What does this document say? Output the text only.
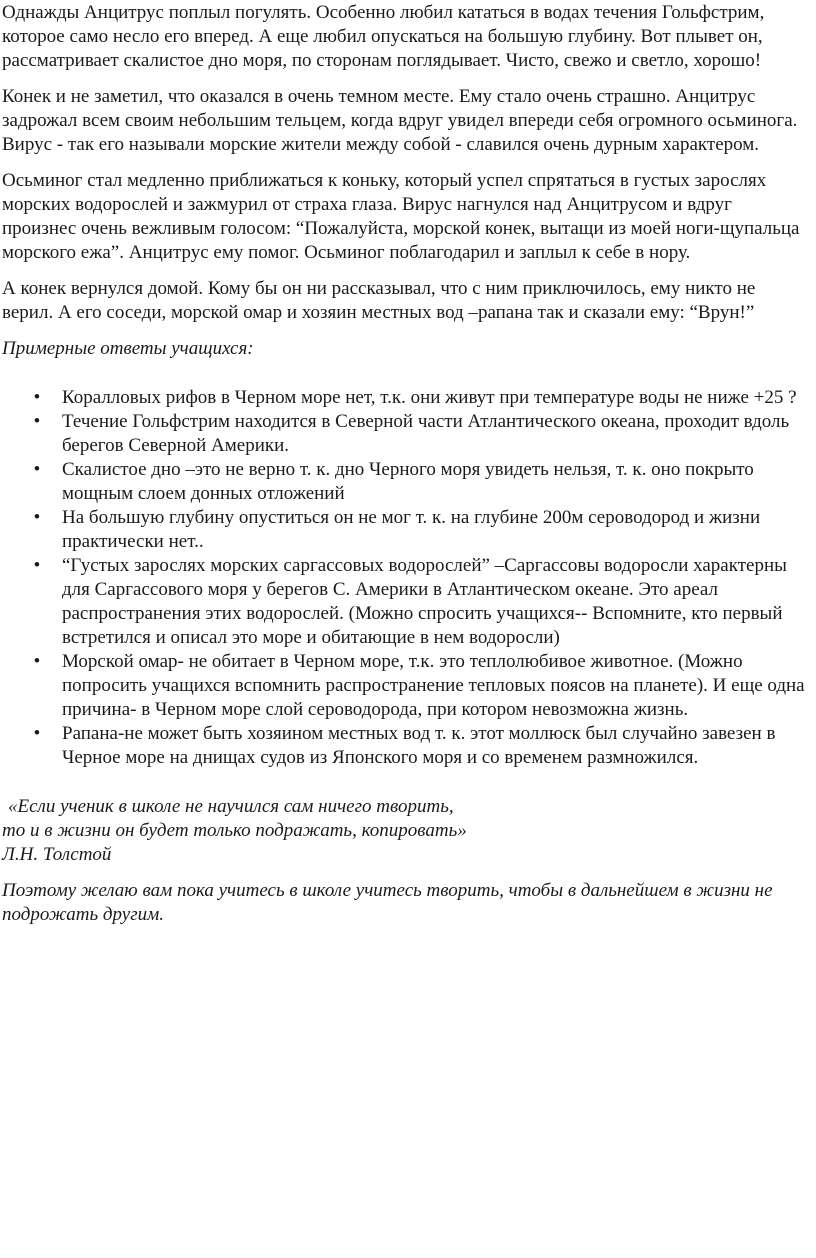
Однажды Анцитрус поплыл погулять. Особенно любил кататься в водах течения Гольфстрим, которое само несло его вперед. А еще любил опускаться на большую глубину. Вот плывет он, рассматривает скалистое дно моря, по сторонам поглядывает. Чисто, свежо и светло, хорошо!

Конек и не заметил, что оказался в очень темном месте. Ему стало очень страшно. Анцитрус задрожал всем своим небольшим тельцем, когда вдруг увидел впереди себя огромного осьминога. Вирус - так его называли морские жители между собой - славился очень дурным характером.

Осьминог стал медленно приближаться к коньку, который успел спрятаться в густых зарослях морских водорослей и зажмурил от страха глаза. Вирус нагнулся над Анцитрусом и вдруг произнес очень вежливым голосом: “Пожалуйста, морской конек, вытащи из моей ноги-щупальца морского ежа”. Анцитрус ему помог. Осьминог поблагодарил и заплыл к себе в нору.

А конек вернулся домой. Кому бы он ни рассказывал, что с ним приключилось, ему никто не верил. А его соседи, морской омар и хозяин местных вод –рапана так и сказали ему: “Врун!”

Примерные ответы учащихся:

• Коралловых рифов в Черном море нет, т.к. они живут при температуре воды не ниже +25 ?
• Течение Гольфстрим находится в Северной части Атлантического океана, проходит вдоль берегов Северной Америки.
• Скалистое дно –это не верно т. к. дно Черного моря увидеть нельзя, т. к. оно покрыто мощным слоем донных отложений
• На большую глубину опуститься он не мог т. к. на глубине 200м сероводород и жизни практически нет..
• “Густых зарослях морских саргассовых водорослей” –Саргассовы водоросли характерны для Саргассового моря у берегов С. Америки в Атлантическом океане. Это ареал распространения этих водорослей. (Можно спросить учащихся-- Вспомните, кто первый встретился и описал это море и обитающие в нем водоросли)
• Морской омар- не обитает в Черном море, т.к. это теплолюбивое животное. (Можно попросить учащихся вспомнить распространение тепловых поясов на планете). И еще одна причина- в Черном море слой сероводорода, при котором невозможна жизнь.
• Рапана-не может быть хозяином местных вод т. к. этот моллюск был случайно завезен в Черное море на днищах судов из Японского моря и со временем размножился.
«Если ученик в школе не научился сам ничего творить,
то и в жизни он будет только подражать, копировать»
Л.Н. Толстой

Поэтому желаю вам пока учитесь в школе учитесь творить, чтобы в дальнейшем в жизни не подрожать другим.
